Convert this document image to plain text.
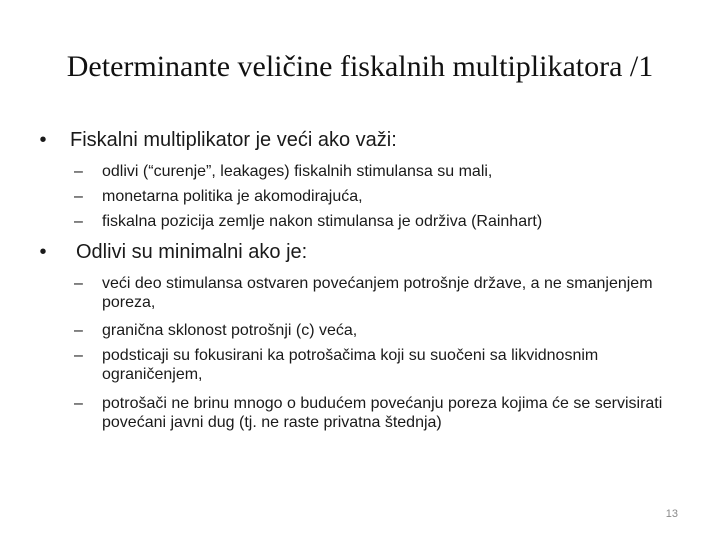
Determinante veličine fiskalnih multiplikatora /1
• Fiskalni multiplikator je veći ako važi:
–	odlivi (“curenje”, leakages) fiskalnih stimulansa su mali,
–	monetarna politika je akomodirajuća,
–	fiskalna pozicija zemlje nakon stimulansa je održiva (Rainhart)
• Odlivi su minimalni ako je:
–	veći deo stimulansa ostvaren povećanjem potrošnje države, a ne smanjenjem poreza,
–	granična sklonost potrošnji (c) veća,
–	podsticaji su fokusirani ka potrošačima koji su suočeni sa likvidnosnim ograničenjem,
–	potrošači ne brinu mnogo o budućem povećanju poreza kojima će se servisirati povećani javni dug (tj. ne raste privatna štednja)
13
